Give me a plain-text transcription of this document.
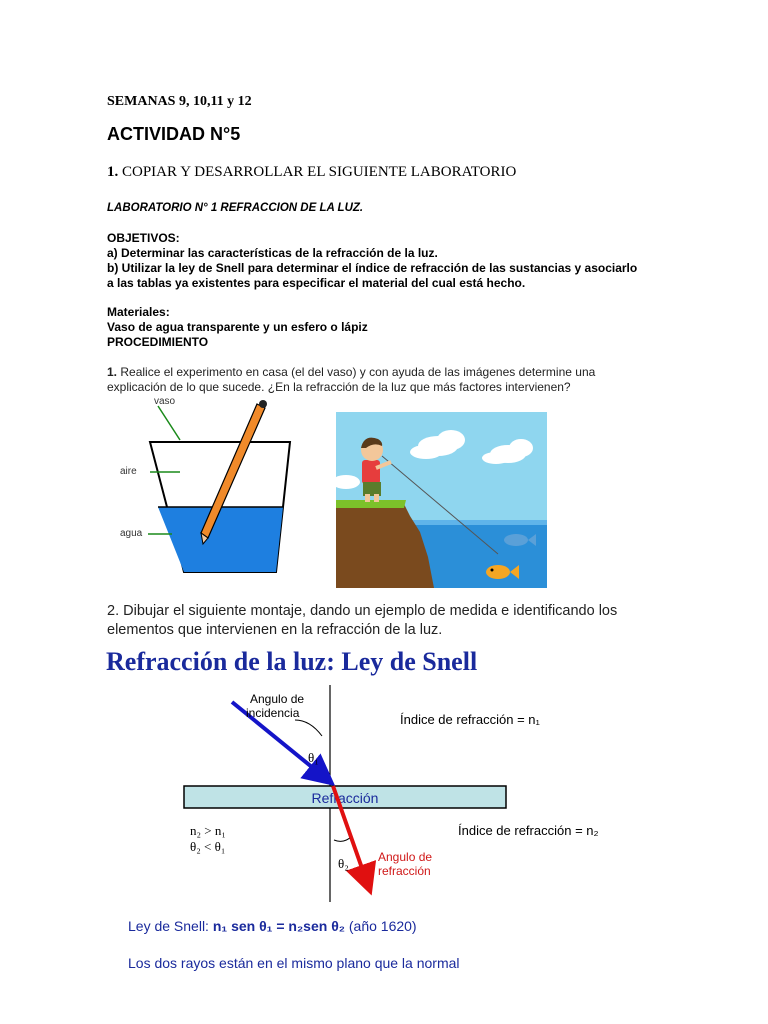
SEMANAS 9, 10,11 y 12
ACTIVIDAD N°5
1. COPIAR Y DESARROLLAR EL SIGUIENTE LABORATORIO
LABORATORIO N° 1 REFRACCION DE LA LUZ.
OBJETIVOS:
a) Determinar las características de la refracción de la luz.
b) Utilizar la ley de Snell para determinar el índice de refracción de las sustancias y asociarlo
a las tablas ya existentes para especificar el material del cual está hecho.
Materiales:
Vaso de agua transparente y un esfero o lápiz
PROCEDIMIENTO
1. Realice el experimento en casa (el del vaso) y con ayuda de las imágenes determine una
explicación de lo que sucede. ¿En la refracción de la luz que más factores intervienen?
vaso
aire
agua
2. Dibujar el siguiente montaje, dando un ejemplo de medida e identificando los
elementos que intervienen en la refracción de la luz.
Refracción de la luz: Ley de Snell
Refracción
Angulo de
incidencia	Índice de refracción = n₁
θ₁
n₂ > n₁
θ₂ < θ₁
Índice de refracción = n₂
θ₂ Angulo de
refracción
Ley de Snell: n₁ sen θ₁ = n₂sen θ₂ (año 1620)
Los dos rayos están en el mismo plano que la normal
